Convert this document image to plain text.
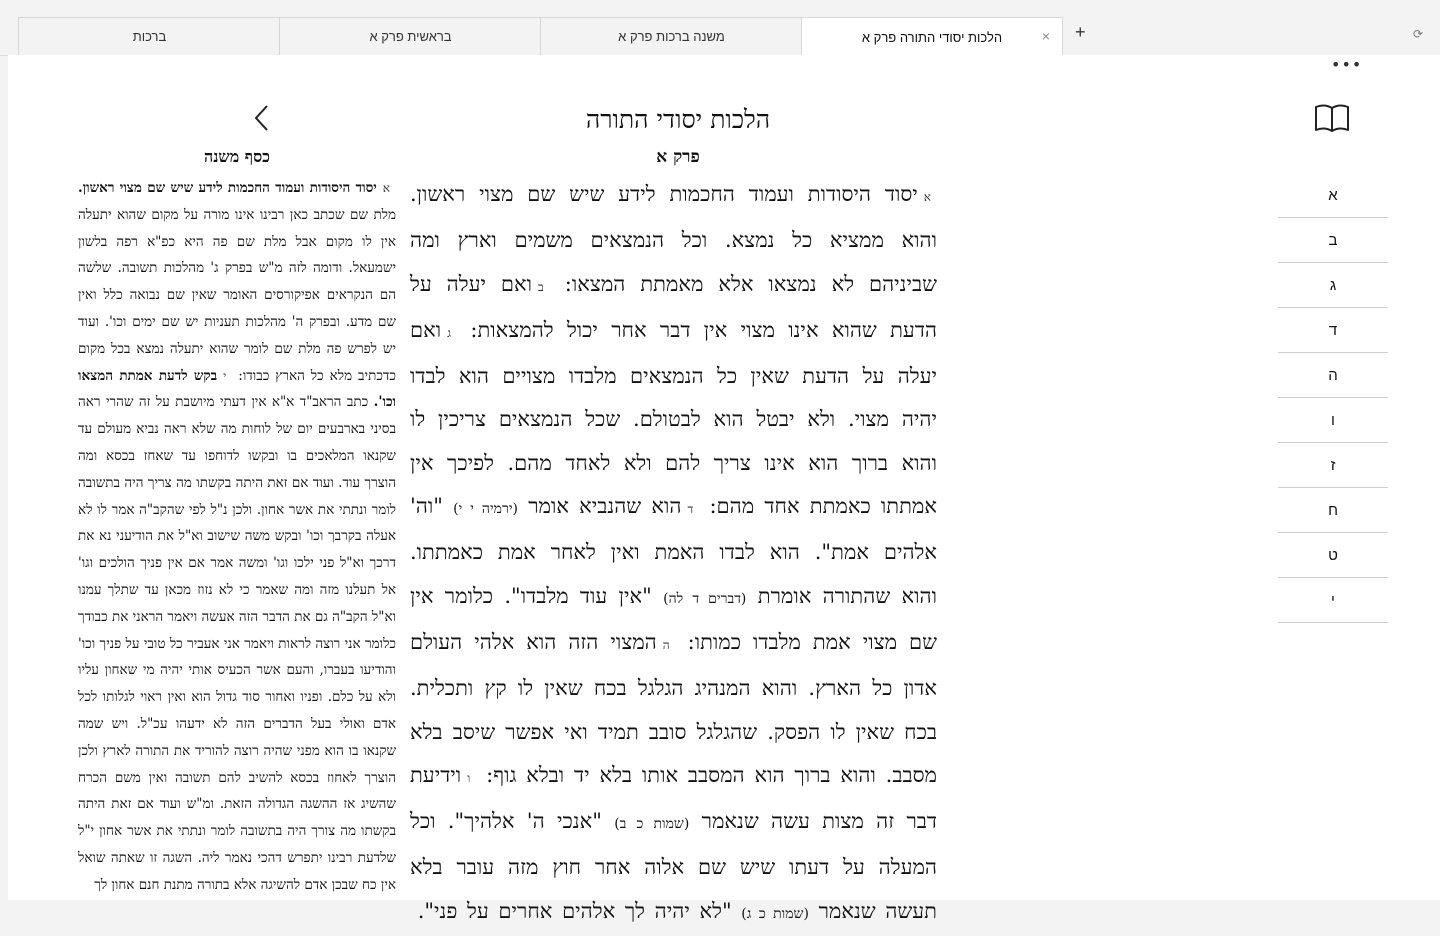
ברכות	בראשית פרק א	משנה ברכות פרק א	הלכות יסודי התורה פרק א	× +	⟳
•••
הלכות יסודי התורה
פרק א
איסוד היסודות ועמוד החכמות לידע שיש שם מצוי ראשון. והוא ממציא כל נמצא. וכל הנמצאים משמים וארץ ומה שביניהם לא נמצאו אלא מאמתת המצאו: בואם יעלה על הדעת שהוא אינו מצוי אין דבר אחר יכול להמצאות: גואם יעלה על הדעת שאין כל הנמצאים מלבדו מצויים הוא לבדו יהיה מצוי. ולא יבטל הוא לבטולם. שכל הנמצאים צריכין לו והוא ברוך הוא אינו צריך להם ולא לאחד מהם. לפיכך אין אמתתו כאמתת אחד מהם: דהוא שהנביא אומר (ירמיה י י) "וה' אלהים אמת". הוא לבדו האמת ואין לאחר אמת כאמתתו. והוא שהתורה אומרת (דברים ד לה) "אין עוד מלבדו". כלומר אין שם מצוי אמת מלבדו כמותו: ההמצוי הזה הוא אלהי העולם אדון כל הארץ. והוא המנהיג הגלגל בכח שאין לו קץ ותכלית. בכח שאין לו הפסק. שהגלגל סובב תמיד ואי אפשר שיסב בלא מסבב. והוא ברוך הוא המסבב אותו בלא יד ובלא גוף: ווידיעת דבר זה מצות עשה שנאמר (שמות כ ב) "אנכי ה' אלהיך". וכל המעלה על דעתו שיש שם אלוה אחר חוץ מזה עובר בלא תעשה שנאמר (שמות כ ג) "לא יהיה לך אלהים אחרים על פני".
כסף משנה
איסוד היסודות ועמוד החכמות לידע שיש שם מצוי ראשון. מלת שם שכתב כאן רבינו אינו מורה על מקום שהוא יתעלה אין לו מקום אבל מלת שם פה היא כפ"א רפה בלשון ישמעאל. ודומה לזה מ"ש בפרק ג' מהלכות תשובה. שלשה הם הנקראים אפיקורסים האומר שאין שם נבואה כלל ואין שם מדע. ובפרק ה' מהלכות תעניות יש שם ימים וכו'. ועוד יש לפרש פה מלת שם לומר שהוא יתעלה נמצא בכל מקום כדכתיב מלא כל הארץ כבודו: יבקש לדעת אמתת המצאו וכו'. כתב הראב"ד א"א אין דעתי מיושבת על זה שהרי ראה בסיני בארבעים יום של לוחות מה שלא ראה נביא מעולם עד שקנאו המלאכים בו ובקשו לדוחפו עד שאחז בכסא ומה הוצרך עוד. ועוד אם זאת היתה בקשתו מה צריך היה בתשובה לומר ונתתי את אשר אחון. ולכן נ"ל לפי שהקב"ה אמר לו לא אעלה בקרבך וכו' ובקש משה שישוב וא"ל את הודיעני נא את דרכך וא"ל פני ילכו וגו' ומשה אמר אם אין פניך הולכים וגו' אל תעלנו מזה ומה שאמר כי לא נזוז מכאן עד שתלך עמנו וא"ל הקב"ה גם את הדבר הזה אעשה ויאמר הראני את כבודך כלומר אני רוצה לראות ויאמר אני אעביר כל טובי על פניך וכו' והודיעו בעברו, והעם אשר הכעיס אותי יהיה מי שאחון עליו ולא על כלם. ופניו ואחור סוד גדול הוא ואין ראוי לגלותו לכל אדם ואולי בעל הדברים הזה לא ידעהו עכ"ל. ויש שמה שקנאו בו הוא מפני שהיה רוצה להוריד את התורה לארץ ולכן הוצרך לאחוז בכסא להשיב להם תשובה ואין משם הכרח שהשיג אז ההשגה הגדולה הזאת. ומ"ש ועוד אם זאת היתה בקשתו מה צורך היה בתשובה לומר ונתתי את אשר אחון י"ל שלדעת רבינו יתפרש דהכי נאמר ליה. השגה זו שאתה שואל אין כח שבכן אדם להשיגה אלא בתורה מתנת חנם אחון לך
א
ב
ג
ד
ה
ו
ז
ח
ט
י
